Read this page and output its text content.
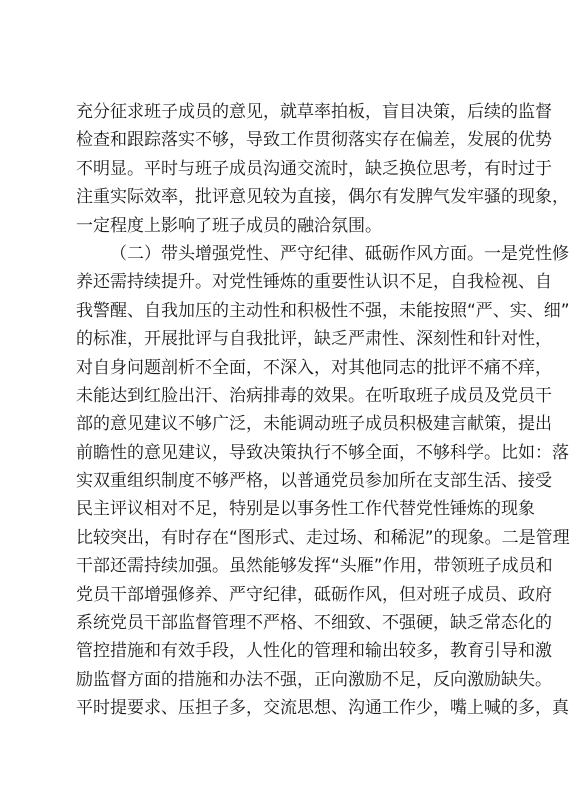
充分征求班子成员的意见，就草率拍板，盲目决策，后续的监督
检查和跟踪落实不够，导致工作贯彻落实存在偏差，发展的优势
不明显。平时与班子成员沟通交流时，缺乏换位思考，有时过于
注重实际效率，批评意见较为直接，偶尔有发脾气发牢骚的现象，
一定程度上影响了班子成员的融洽氛围。
（二）带头增强党性、严守纪律、砥砺作风方面。一是党性修
养还需持续提升。对党性锤炼的重要性认识不足，自我检视、自
我警醒、自我加压的主动性和积极性不强，未能按照“严、实、细”
的标准，开展批评与自我批评，缺乏严肃性、深刻性和针对性，
对自身问题剖析不全面，不深入，对其他同志的批评不痛不痒，
未能达到红脸出汗、治病排毒的效果。在听取班子成员及党员干
部的意见建议不够广泛，未能调动班子成员积极建言献策，提出
前瞻性的意见建议，导致决策执行不够全面，不够科学。比如：落
实双重组织制度不够严格，以普通党员参加所在支部生活、接受
民主评议相对不足，特别是以事务性工作代替党性锤炼的现象
比较突出，有时存在“图形式、走过场、和稀泥”的现象。二是管理
干部还需持续加强。虽然能够发挥“头雁”作用，带领班子成员和
党员干部增强修养、严守纪律，砥砺作风，但对班子成员、政府
系统党员干部监督管理不严格、不细致、不强硬，缺乏常态化的
管控措施和有效手段，人性化的管理和输出较多，教育引导和激
励监督方面的措施和办法不强，正向激励不足，反向激励缺失。
平时提要求、压担子多，交流思想、沟通工作少，嘴上喊的多，真
